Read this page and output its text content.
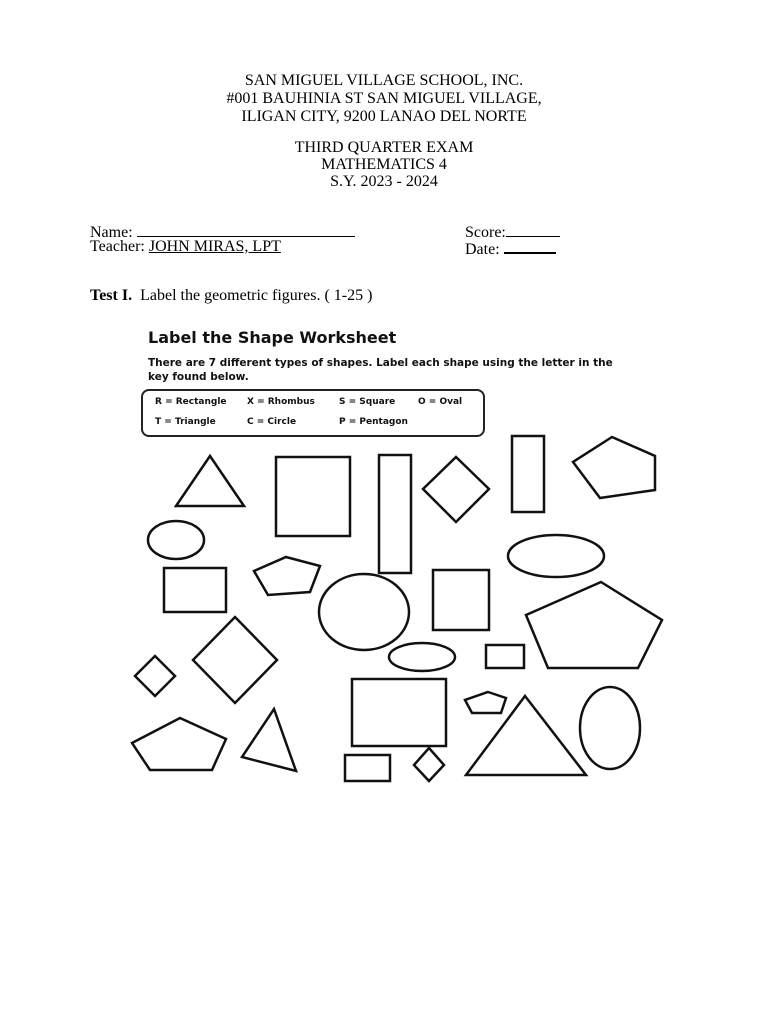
SAN MIGUEL VILLAGE SCHOOL, INC.
#001 BAUHINIA ST SAN MIGUEL VILLAGE,
ILIGAN CITY, 9200 LANAO DEL NORTE
THIRD QUARTER EXAM
MATHEMATICS 4
S.Y. 2023 - 2024
Name:
Teacher: JOHN MIRAS, LPT
Score:
Date:
Test I. Label the geometric figures. ( 1-25 )
Label the Shape Worksheet
There are 7 different types of shapes. Label each shape using the letter in the key found below.
R = Rectangle X = Rhombus	S = Square	O = Oval
T = Triangle	C = Circle	P = Pentagon
